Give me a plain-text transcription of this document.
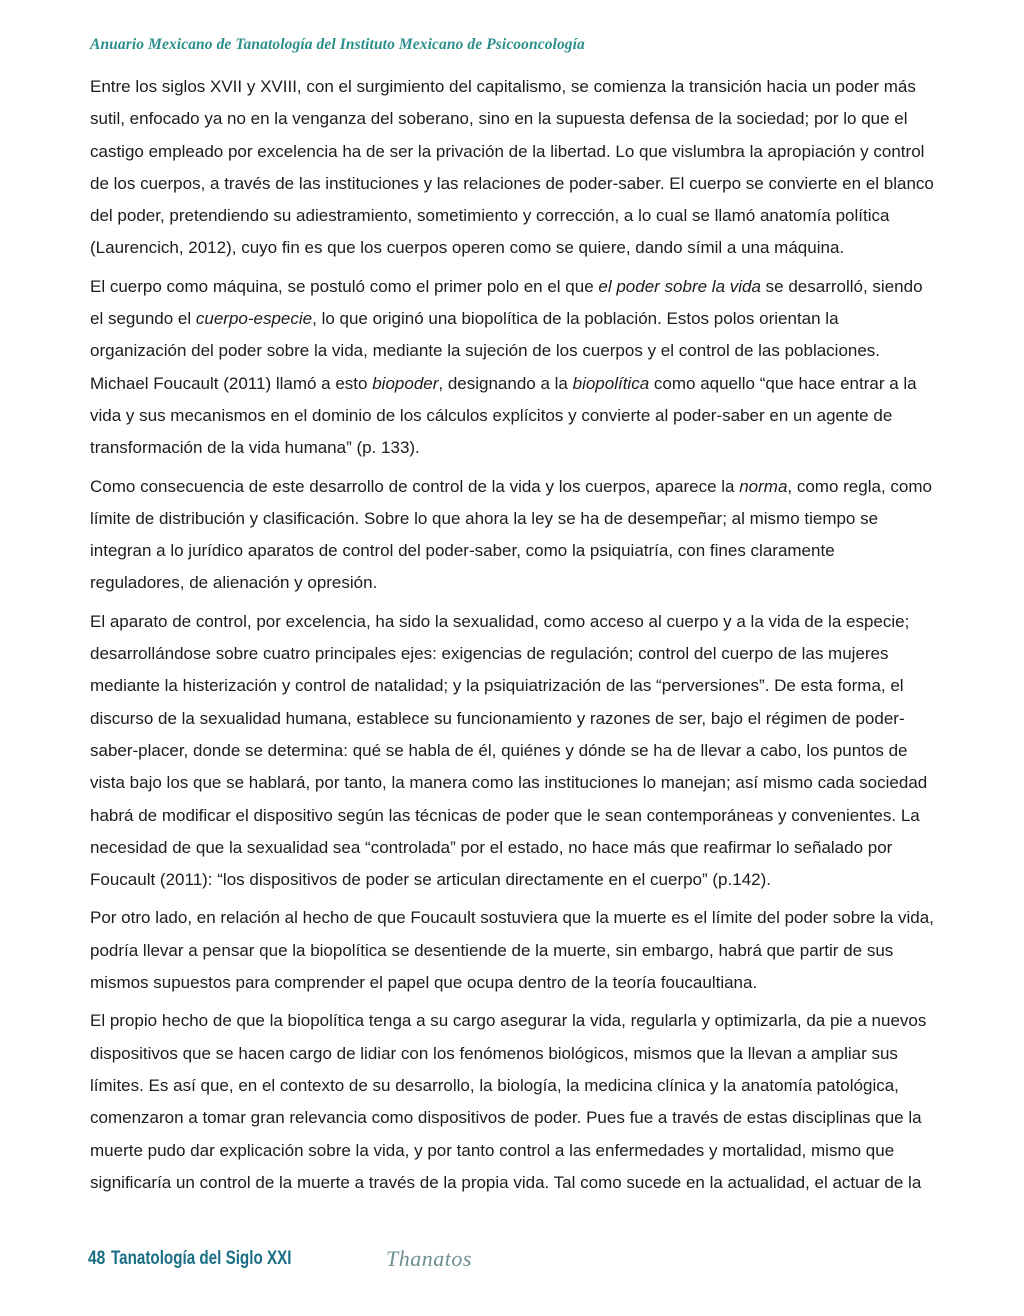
Anuario Mexicano de Tanatología del Instituto Mexicano de Psicooncología
Entre los siglos XVII y XVIII, con el surgimiento del capitalismo, se comienza la transición hacia un poder más
sutil, enfocado ya no en la venganza del soberano, sino en la supuesta defensa de la sociedad; por lo que el
castigo empleado por excelencia ha de ser la privación de la libertad. Lo que vislumbra la apropiación y control
de los cuerpos, a través de las instituciones y las relaciones de poder-saber. El cuerpo se convierte en el blanco
del poder, pretendiendo su adiestramiento, sometimiento y corrección, a lo cual se llamó anatomía política
(Laurencich, 2012), cuyo fin es que los cuerpos operen como se quiere, dando símil a una máquina.
El cuerpo como máquina, se postuló como el primer polo en el que el poder sobre la vida se desarrolló, siendo
el segundo el cuerpo-especie, lo que originó una biopolítica de la población. Estos polos orientan la
organización del poder sobre la vida, mediante la sujeción de los cuerpos y el control de las poblaciones.
Michael Foucault (2011) llamó a esto biopoder, designando a la biopolítica como aquello “que hace entrar a la
vida y sus mecanismos en el dominio de los cálculos explícitos y convierte al poder-saber en un agente de
transformación de la vida humana” (p. 133).
Como consecuencia de este desarrollo de control de la vida y los cuerpos, aparece la norma, como regla, como
límite de distribución y clasificación. Sobre lo que ahora la ley se ha de desempeñar; al mismo tiempo se
integran a lo jurídico aparatos de control del poder-saber, como la psiquiatría, con fines claramente
reguladores, de alienación y opresión.
El aparato de control, por excelencia, ha sido la sexualidad, como acceso al cuerpo y a la vida de la especie;
desarrollándose sobre cuatro principales ejes: exigencias de regulación; control del cuerpo de las mujeres
mediante la histerización y control de natalidad; y la psiquiatrización de las “perversiones”. De esta forma, el
discurso de la sexualidad humana, establece su funcionamiento y razones de ser, bajo el régimen de poder-
saber-placer, donde se determina: qué se habla de él, quiénes y dónde se ha de llevar a cabo, los puntos de
vista bajo los que se hablará, por tanto, la manera como las instituciones lo manejan; así mismo cada sociedad
habrá de modificar el dispositivo según las técnicas de poder que le sean contemporáneas y convenientes. La
necesidad de que la sexualidad sea “controlada” por el estado, no hace más que reafirmar lo señalado por
Foucault (2011): “los dispositivos de poder se articulan directamente en el cuerpo” (p.142).
Por otro lado, en relación al hecho de que Foucault sostuviera que la muerte es el límite del poder sobre la vida,
podría llevar a pensar que la biopolítica se desentiende de la muerte, sin embargo, habrá que partir de sus
mismos supuestos para comprender el papel que ocupa dentro de la teoría foucaultiana.
El propio hecho de que la biopolítica tenga a su cargo asegurar la vida, regularla y optimizarla, da pie a nuevos
dispositivos que se hacen cargo de lidiar con los fenómenos biológicos, mismos que la llevan a ampliar sus
límites. Es así que, en el contexto de su desarrollo, la biología, la medicina clínica y la anatomía patológica,
comenzaron a tomar gran relevancia como dispositivos de poder. Pues fue a través de estas disciplinas que la
muerte pudo dar explicación sobre la vida, y por tanto control a las enfermedades y mortalidad, mismo que
significaría un control de la muerte a través de la propia vida. Tal como sucede en la actualidad, el actuar de la
48 Tanatología del Siglo XXI	Thanatos
